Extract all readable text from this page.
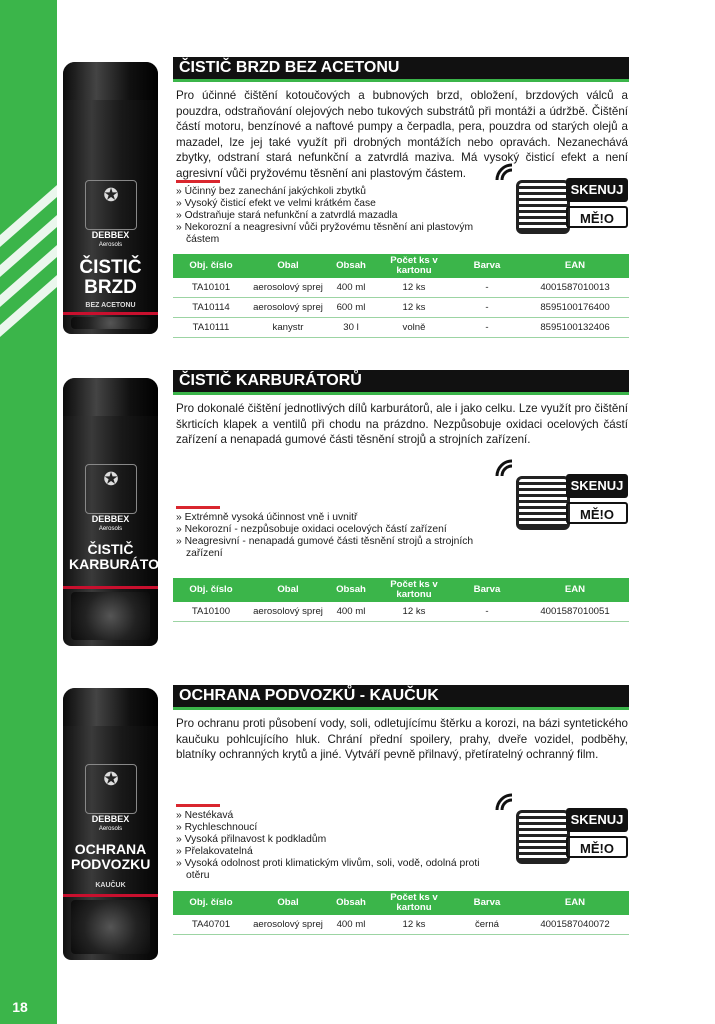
18
✪
DEBBEX
Aerosols
ČISTIČ BRZD
BEZ ACETONU
ČISTIČ BRZD BEZ ACETONU
Pro účinné čištění kotoučových a bubnových brzd, obložení, brzdových válců a pouzdra, odstraňování olejových nebo tukových substrátů při montáži a údržbě. Čištění částí motoru, benzínové a naftové pumpy a čerpadla, pera, pouzdra od starých olejů a mazadel, lze jej také využít při drobných montážích nebo opravách. Nezanechává zbytky, odstraní stará nefunkční a zatvrdlá maziva. Má vysoký čisticí efekt a není agresivní vůči pryžovému těsnění ani plastovým částem.
» Účinný bez zanechání jakýchkoli zbytků
» Vysoký čisticí efekt ve velmi krátkém čase
» Odstraňuje stará nefunkční a zatvrdlá mazadla
» Nekorozní a neagresivní vůči pryžovému těsnění ani plastovým částem
SKENUJ
MĚ!O
Obj. číslo	Obal	Obsah	Počet ks v kartonu	Barva	EAN
TA10101	aerosolový sprej	400 ml	12 ks	-	4001587010013
TA10114	aerosolový sprej	600 ml	12 ks	-	8595100176400
TA10111	kanystr	30 l	volně	-	8595100132406
✪
DEBBEX
Aerosols
ČISTIČ KARBURÁTORŮ
ČISTIČ KARBURÁTORŮ
Pro dokonalé čištění jednotlivých dílů karburátorů, ale i jako celku. Lze využít pro čištění škrticích klapek a ventilů při chodu na prázdno. Nezpůsobuje oxidaci ocelových částí zařízení a nenapadá gumové části těsnění strojů a strojních zařízení.
» Extrémně vysoká účinnost vně i uvnitř
» Nekorozní - nezpůsobuje oxidaci ocelových částí zařízení
» Neagresivní - nenapadá gumové části těsnění strojů a strojních zařízení
SKENUJ
MĚ!O
Obj. číslo	Obal	Obsah	Počet ks v kartonu	Barva	EAN
TA10100	aerosolový sprej	400 ml	12 ks	-	4001587010051
✪
DEBBEX
Aerosols
OCHRANA PODVOZKU
KAUČUK
OCHRANA PODVOZKŮ - KAUČUK
Pro ochranu proti působení vody, soli, odletujícímu štěrku a korozi, na bázi syntetického kaučuku pohlcujícího hluk. Chrání přední spoilery, prahy, dveře vozidel, podběhy, blatníky ochranných krytů a jiné. Vytváří pevně přilnavý, přetíratelný ochranný film.
» Nestékavá
» Rychleschnoucí
» Vysoká přilnavost k podkladům
» Přelakovatelná
» Vysoká odolnost proti klimatickým vlivům, soli, vodě, odolná proti otěru
SKENUJ
MĚ!O
Obj. číslo	Obal	Obsah	Počet ks v kartonu	Barva	EAN
TA40701	aerosolový sprej	400 ml	12 ks	černá	4001587040072
